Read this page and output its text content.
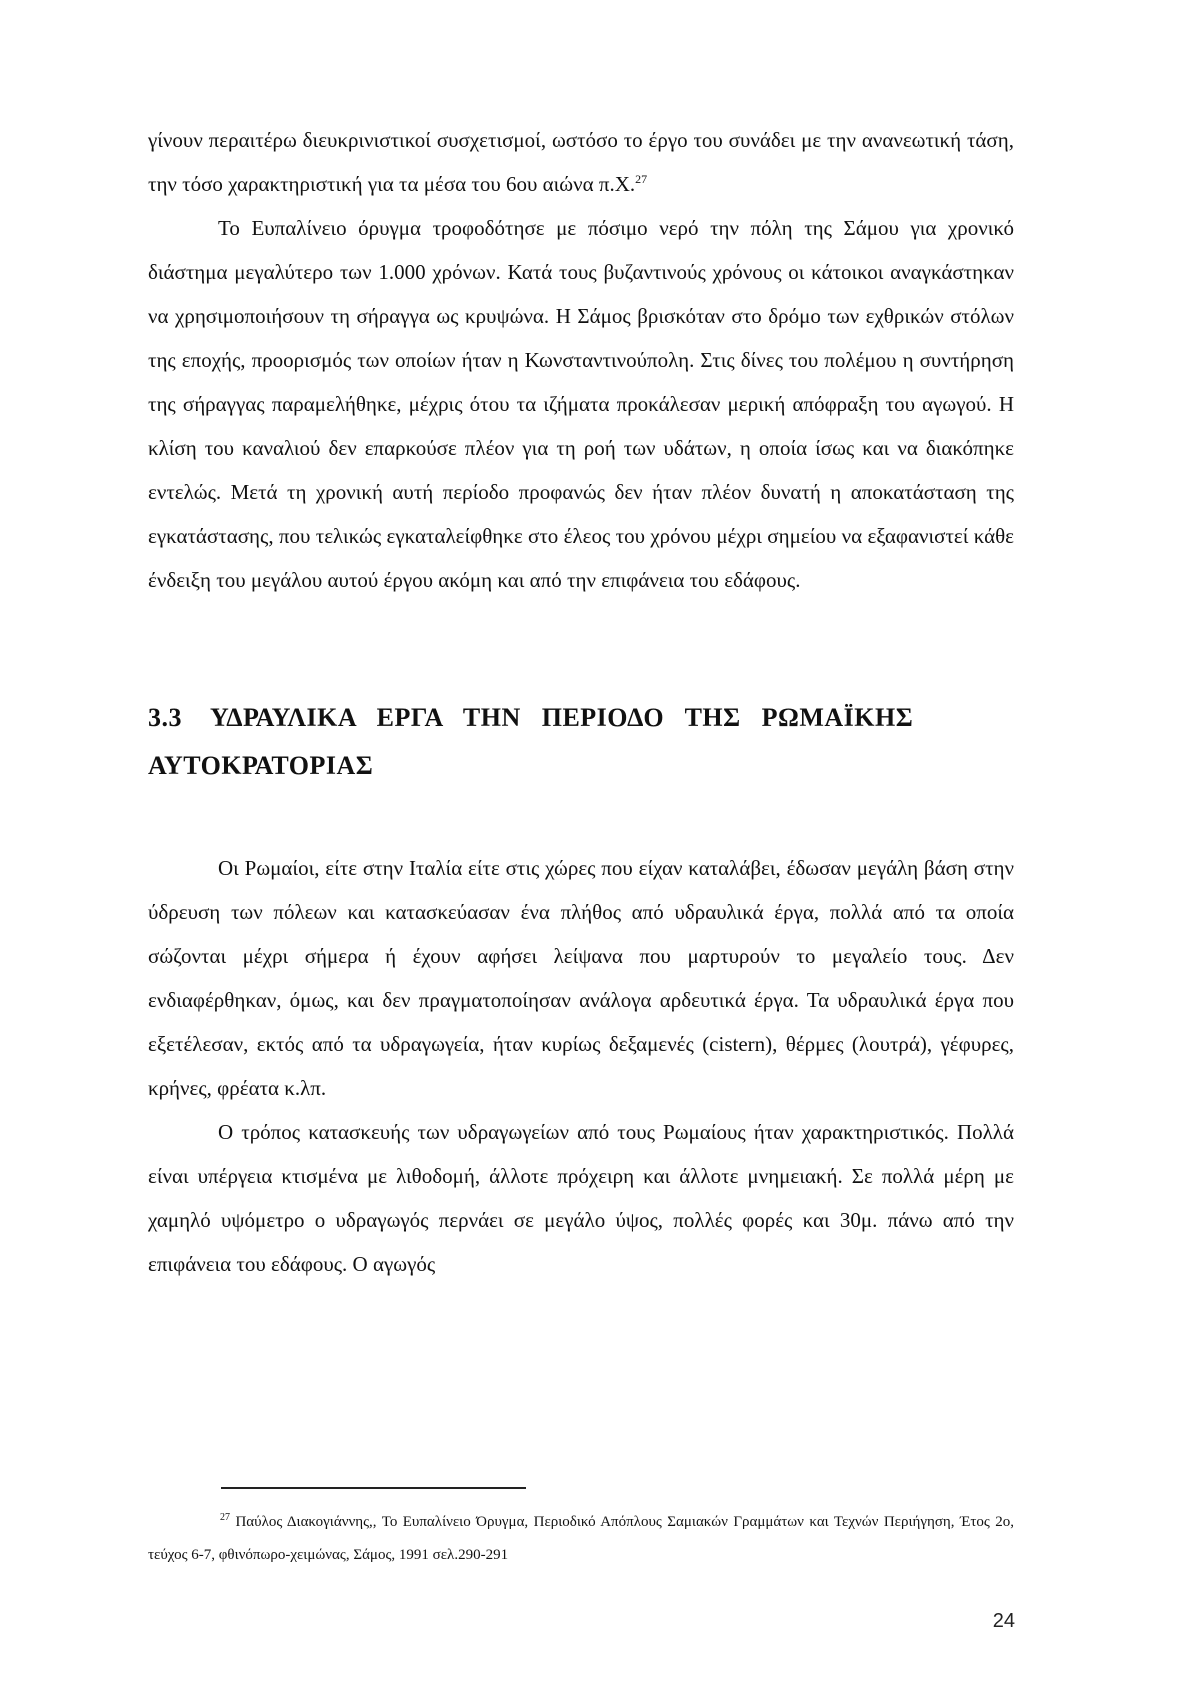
γίνουν περαιτέρω διευκρινιστικοί συσχετισμοί, ωστόσο το έργο του συνάδει με την ανανεωτική τάση, την τόσο χαρακτηριστική για τα μέσα του 6ου αιώνα π.Χ.$^{27}$

Το Ευπαλίνειο όρυγμα τροφοδότησε με πόσιμο νερό την πόλη της Σάμου για χρονικό διάστημα μεγαλύτερο των 1.000 χρόνων. Κατά τους βυζαντινούς χρόνους οι κάτοικοι αναγκάστηκαν να χρησιμοποιήσουν τη σήραγγα ως κρυψώνα. Η Σάμος βρισκόταν στο δρόμο των εχθρικών στόλων της εποχής, προορισμός των οποίων ήταν η Κωνσταντινούπολη. Στις δίνες του πολέμου η συντήρηση της σήραγγας παραμελήθηκε, μέχρις ότου τα ιζήματα προκάλεσαν μερική απόφραξη του αγωγού. Η κλίση του καναλιού δεν επαρκούσε πλέον για τη ροή των υδάτων, η οποία ίσως και να διακόπηκε εντελώς. Μετά τη χρονική αυτή περίοδο προφανώς δεν ήταν πλέον δυνατή η αποκατάσταση της εγκατάστασης, που τελικώς εγκαταλείφθηκε στο έλεος του χρόνου μέχρι σημείου να εξαφανιστεί κάθε ένδειξη του μεγάλου αυτού έργου ακόμη και από την επιφάνεια του εδάφους.

3.3 ΥΔΡΑΥΛΙΚΑ ΕΡΓΑ ΤΗΝ ΠΕΡΙΟΔΟ ΤΗΣ ΡΩΜΑΪΚΗΣ ΑΥΤΟΚΡΑΤΟΡΙΑΣ

Οι Ρωμαίοι, είτε στην Ιταλία είτε στις χώρες που είχαν καταλάβει, έδωσαν μεγάλη βάση στην ύδρευση των πόλεων και κατασκεύασαν ένα πλήθος από υδραυλικά έργα, πολλά από τα οποία σώζονται μέχρι σήμερα ή έχουν αφήσει λείψανα που μαρτυρούν το μεγαλείο τους. Δεν ενδιαφέρθηκαν, όμως, και δεν πραγματοποίησαν ανάλογα αρδευτικά έργα. Τα υδραυλικά έργα που εξετέλεσαν, εκτός από τα υδραγωγεία, ήταν κυρίως δεξαμενές (cistern), θέρμες (λουτρά), γέφυρες, κρήνες, φρέατα κ.λπ.

Ο τρόπος κατασκευής των υδραγωγείων από τους Ρωμαίους ήταν χαρακτηριστικός. Πολλά είναι υπέργεια κτισμένα με λιθοδομή, άλλοτε πρόχειρη και άλλοτε μνημειακή. Σε πολλά μέρη με χαμηλό υψόμετρο ο υδραγωγός περνάει σε μεγάλο ύψος, πολλές φορές και 30μ. πάνω από την επιφάνεια του εδάφους. Ο αγωγός

$^{27}$ Παύλος Διακογιάννης,, Το Ευπαλίνειο Όρυγμα, Περιοδικό Απόπλους Σαμιακών Γραμμάτων και Τεχνών Περιήγηση, Έτος 2ο, τεύχος 6-7, φθινόπωρο-χειμώνας, Σάμος, 1991 σελ.290-291

24
